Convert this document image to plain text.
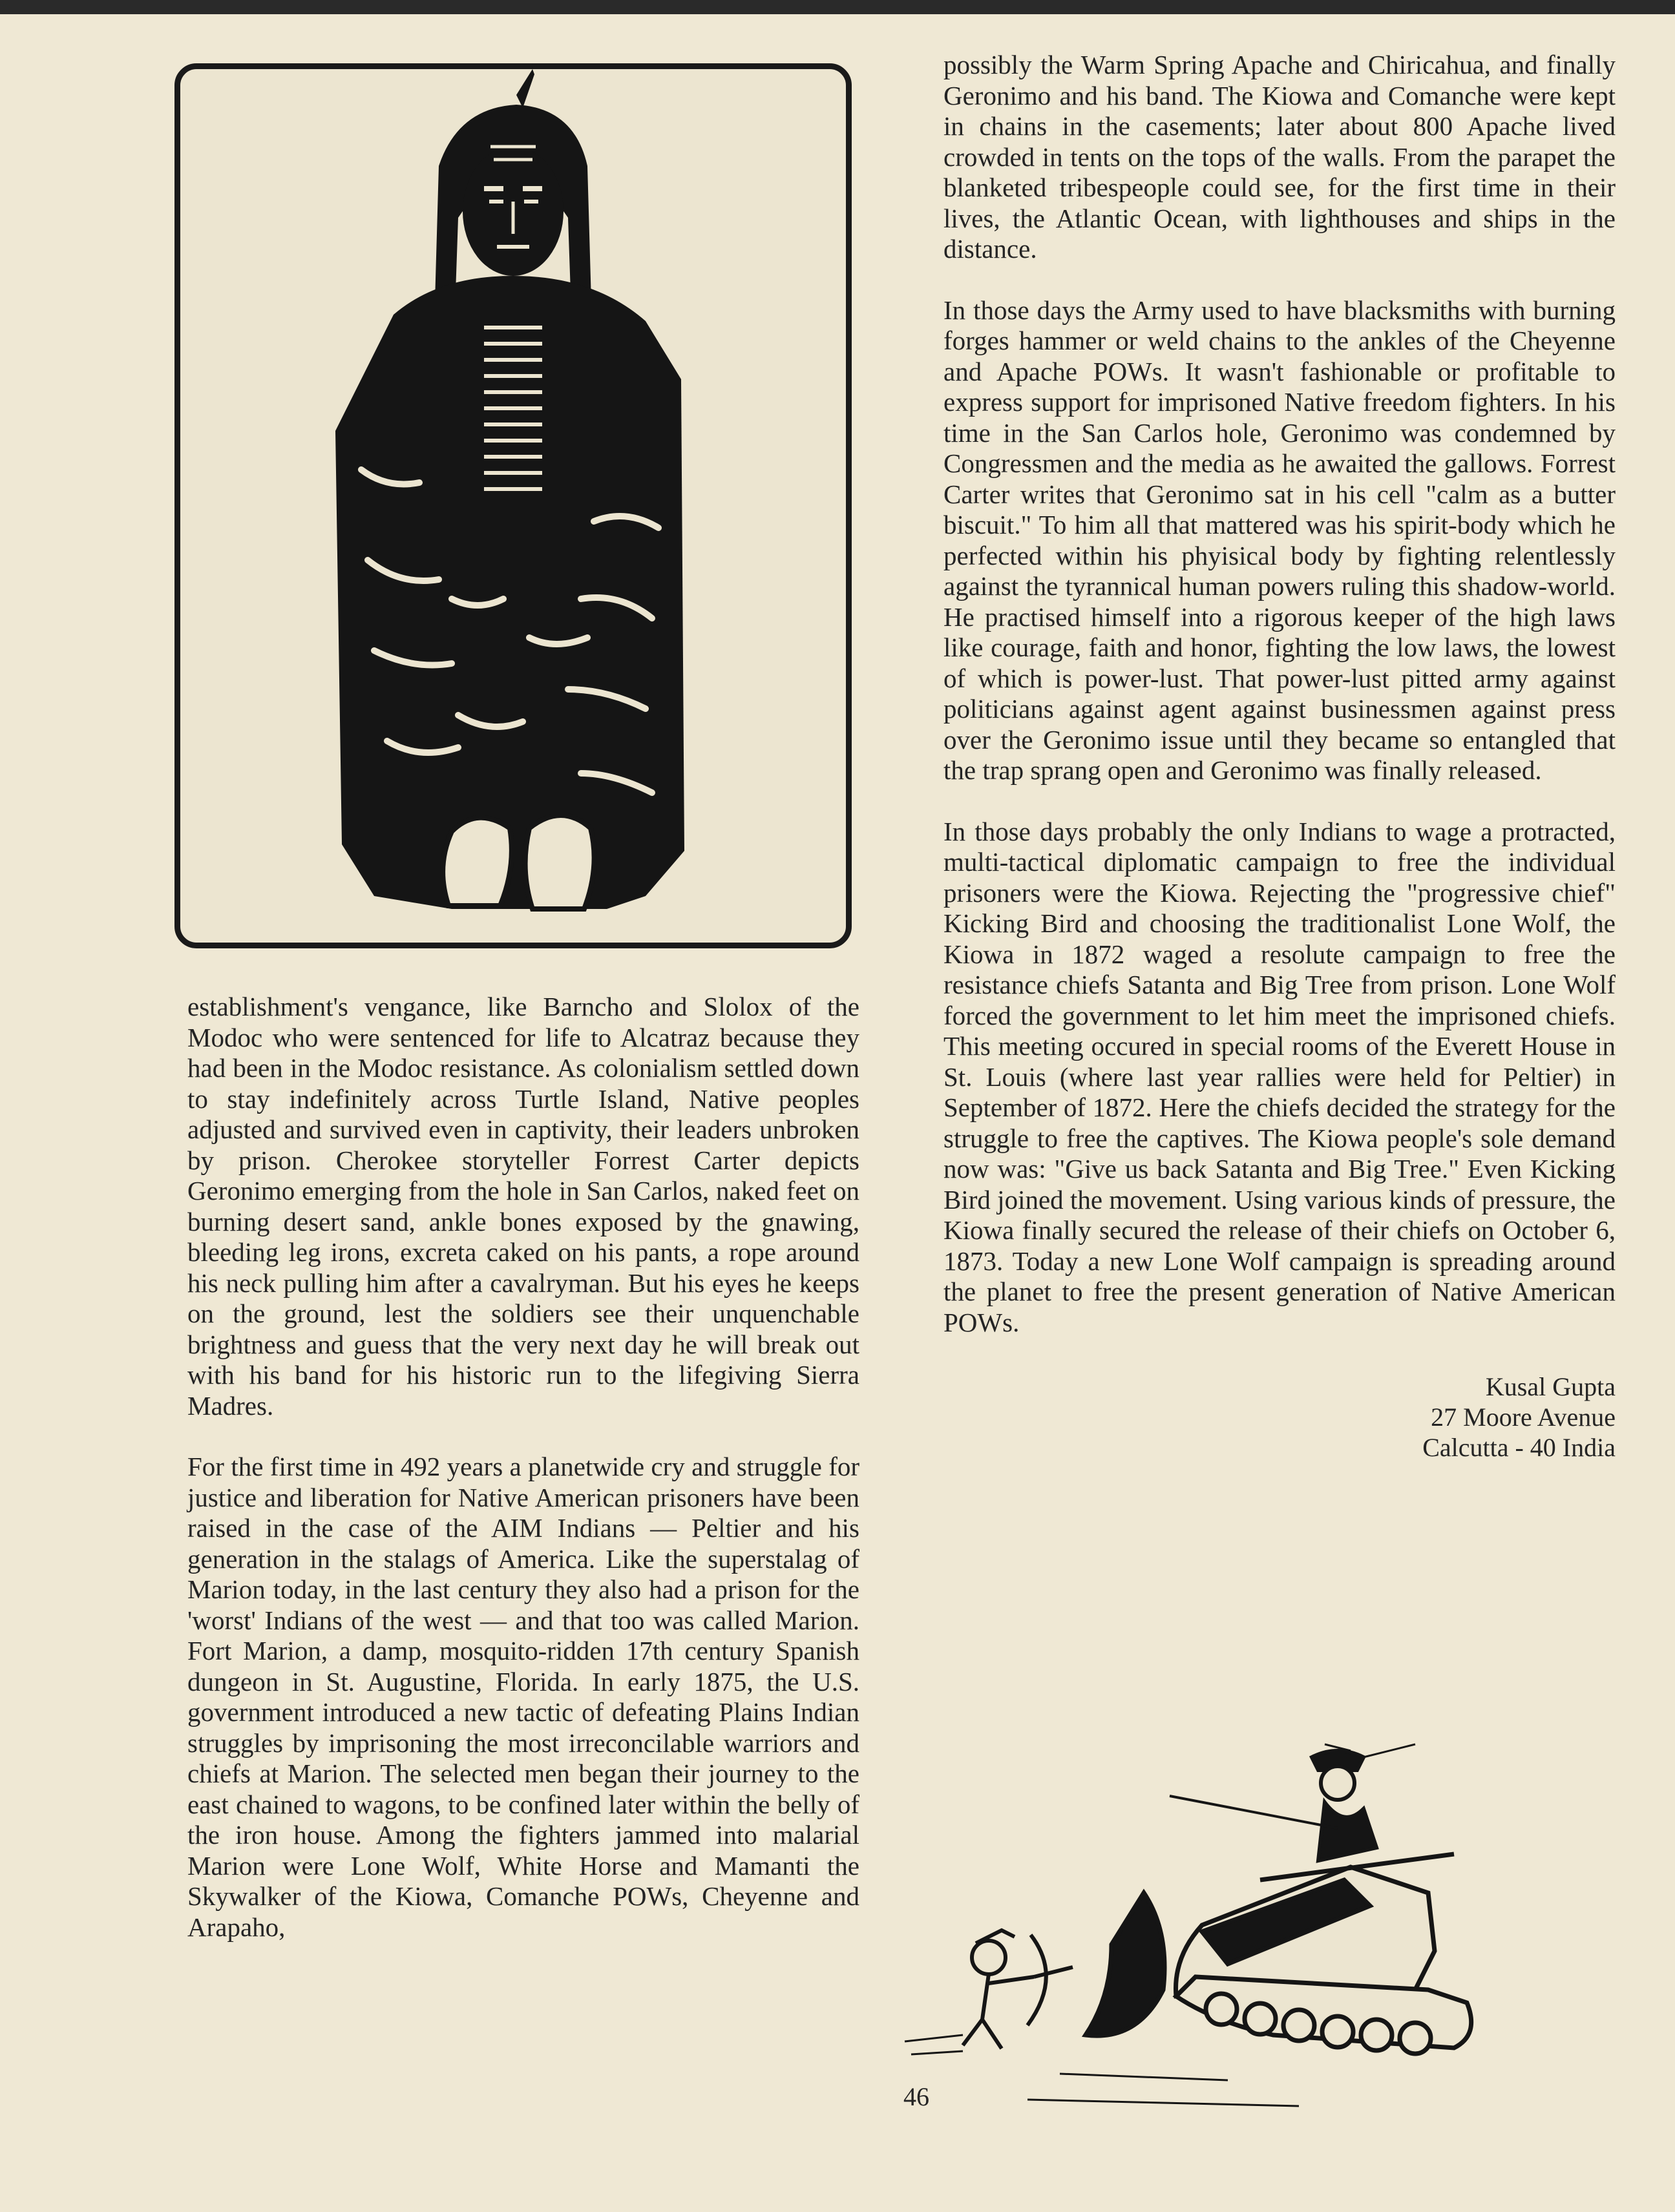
establishment's vengance, like Barncho and Slolox of the Modoc who were sentenced for life to Alcatraz because they had been in the Modoc resistance. As colonialism settled down to stay indefinitely across Turtle Island, Native peoples adjusted and survived even in captivity, their leaders unbroken by prison. Cherokee storyteller Forrest Carter depicts Geronimo emerging from the hole in San Carlos, naked feet on burning desert sand, ankle bones exposed by the gnawing, bleeding leg irons, excreta caked on his pants, a rope around his neck pulling him after a cavalryman. But his eyes he keeps on the ground, lest the soldiers see their unquenchable brightness and guess that the very next day he will break out with his band for his historic run to the lifegiving Sierra Madres.

For the first time in 492 years a planetwide cry and struggle for justice and liberation for Native American prisoners have been raised in the case of the AIM Indians — Peltier and his generation in the stalags of America. Like the superstalag of Marion today, in the last century they also had a prison for the 'worst' Indians of the west — and that too was called Marion. Fort Marion, a damp, mosquito-ridden 17th century Spanish dungeon in St. Augustine, Florida. In early 1875, the U.S. government introduced a new tactic of defeating Plains Indian struggles by imprisoning the most irreconcilable warriors and chiefs at Marion. The selected men began their journey to the east chained to wagons, to be confined later within the belly of the iron house. Among the fighters jammed into malarial Marion were Lone Wolf, White Horse and Mamanti the Skywalker of the Kiowa, Comanche POWs, Cheyenne and Arapaho,

possibly the Warm Spring Apache and Chiricahua, and finally Geronimo and his band. The Kiowa and Comanche were kept in chains in the casements; later about 800 Apache lived crowded in tents on the tops of the walls. From the parapet the blanketed tribespeople could see, for the first time in their lives, the Atlantic Ocean, with lighthouses and ships in the distance.

In those days the Army used to have blacksmiths with burning forges hammer or weld chains to the ankles of the Cheyenne and Apache POWs. It wasn't fashionable or profitable to express support for imprisoned Native freedom fighters. In his time in the San Carlos hole, Geronimo was condemned by Congressmen and the media as he awaited the gallows. Forrest Carter writes that Geronimo sat in his cell "calm as a butter biscuit." To him all that mattered was his spirit-body which he perfected within his phyisical body by fighting relentlessly against the tyrannical human powers ruling this shadow-world. He practised himself into a rigorous keeper of the high laws like courage, faith and honor, fighting the low laws, the lowest of which is power-lust. That power-lust pitted army against politicians against agent against businessmen against press over the Geronimo issue until they became so entangled that the trap sprang open and Geronimo was finally released.

In those days probably the only Indians to wage a protracted, multi-tactical diplomatic campaign to free the individual prisoners were the Kiowa. Rejecting the "progressive chief" Kicking Bird and choosing the traditionalist Lone Wolf, the Kiowa in 1872 waged a resolute campaign to free the resistance chiefs Satanta and Big Tree from prison. Lone Wolf forced the government to let him meet the imprisoned chiefs. This meeting occured in special rooms of the Everett House in St. Louis (where last year rallies were held for Peltier) in September of 1872. Here the chiefs decided the strategy for the struggle to free the captives. The Kiowa people's sole demand now was: "Give us back Satanta and Big Tree." Even Kicking Bird joined the movement. Using various kinds of pressure, the Kiowa finally secured the release of their chiefs on October 6, 1873. Today a new Lone Wolf campaign is spreading around the planet to free the present generation of Native American POWs.

Kusal Gupta
27 Moore Avenue
Calcutta - 40 India
46
